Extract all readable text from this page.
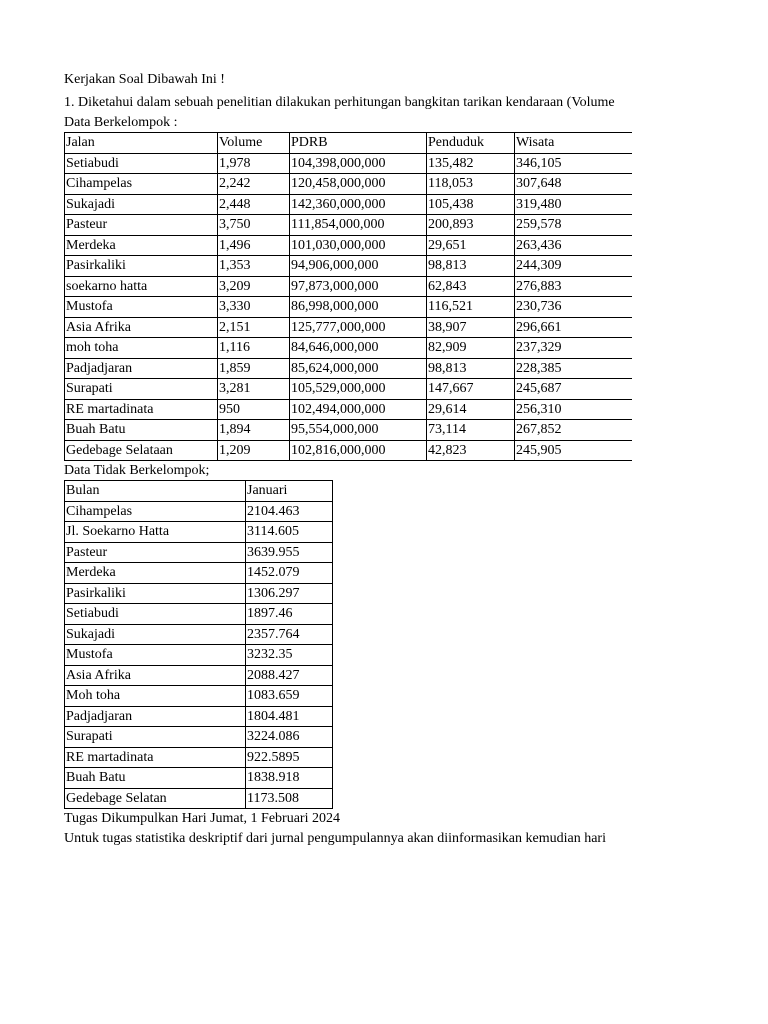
Kerjakan Soal Dibawah Ini !
1. Diketahui dalam sebuah penelitian dilakukan perhitungan bangkitan tarikan kendaraan (Volume
Data Berkelompok :
Jalan	Volume	PDRB	Penduduk	Wisata
Setiabudi	1,978	104,398,000,000	135,482	346,105
Cihampelas	2,242	120,458,000,000	118,053	307,648
Sukajadi	2,448	142,360,000,000	105,438	319,480
Pasteur	3,750	111,854,000,000	200,893	259,578
Merdeka	1,496	101,030,000,000	29,651	263,436
Pasirkaliki	1,353	94,906,000,000	98,813	244,309
soekarno hatta	3,209	97,873,000,000	62,843	276,883
Mustofa	3,330	86,998,000,000	116,521	230,736
Asia Afrika	2,151	125,777,000,000	38,907	296,661
moh toha	1,116	84,646,000,000	82,909	237,329
Padjadjaran	1,859	85,624,000,000	98,813	228,385
Surapati	3,281	105,529,000,000	147,667	245,687
RE martadinata	950	102,494,000,000	29,614	256,310
Buah Batu	1,894	95,554,000,000	73,114	267,852
Gedebage Selataan	1,209	102,816,000,000	42,823	245,905
Data Tidak Berkelompok;
Bulan	Januari
Cihampelas	2104.463
Jl. Soekarno Hatta	3114.605
Pasteur	3639.955
Merdeka	1452.079
Pasirkaliki	1306.297
Setiabudi	1897.46
Sukajadi	2357.764
Mustofa	3232.35
Asia Afrika	2088.427
Moh toha	1083.659
Padjadjaran	1804.481
Surapati	3224.086
RE martadinata	922.5895
Buah Batu	1838.918
Gedebage Selatan	1173.508
Tugas Dikumpulkan Hari Jumat, 1 Februari 2024
Untuk tugas statistika deskriptif dari jurnal pengumpulannya akan diinformasikan kemudian hari
